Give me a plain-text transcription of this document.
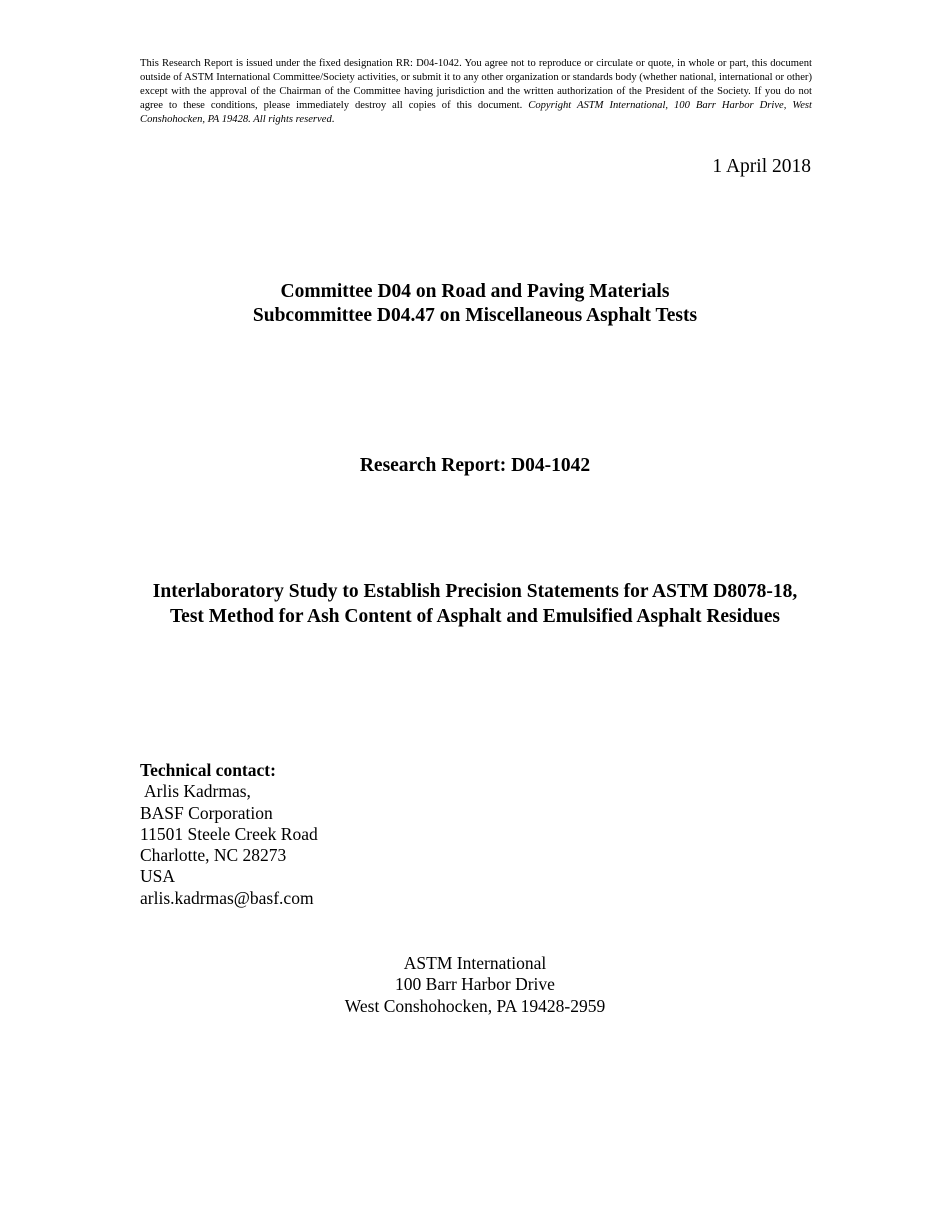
This Research Report is issued under the fixed designation RR: D04-1042. You agree not to reproduce or circulate or quote, in whole or part, this document outside of ASTM International Committee/Society activities, or submit it to any other organization or standards body (whether national, international or other) except with the approval of the Chairman of the Committee having jurisdiction and the written authorization of the President of the Society. If you do not agree to these conditions, please immediately destroy all copies of this document. Copyright ASTM International, 100 Barr Harbor Drive, West Conshohocken, PA 19428. All rights reserved.
1 April 2018
Committee D04 on Road and Paving Materials
Subcommittee D04.47 on Miscellaneous Asphalt Tests
Research Report: D04-1042
Interlaboratory Study to Establish Precision Statements for ASTM D8078-18, Test Method for Ash Content of Asphalt and Emulsified Asphalt Residues
Technical contact:
Arlis Kadrmas,
BASF Corporation
11501 Steele Creek Road
Charlotte, NC 28273
USA
arlis.kadrmas@basf.com
ASTM International
100 Barr Harbor Drive
West Conshohocken, PA 19428-2959
